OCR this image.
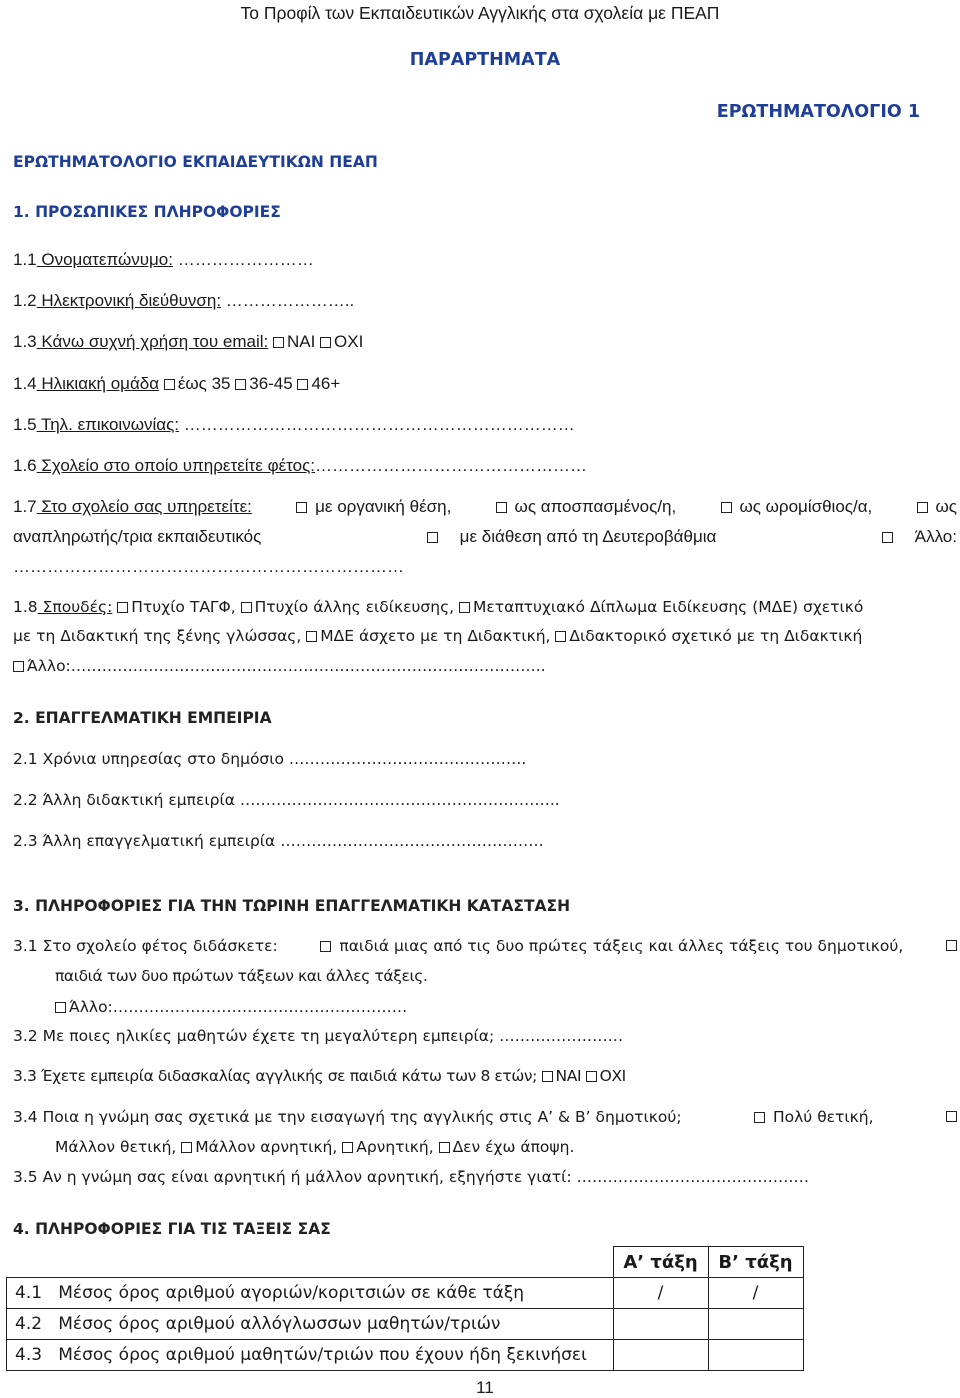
Το Προφίλ των Εκπαιδευτικών Αγγλικής στα σχολεία με ΠΕΑΠ
ΠΑΡΑΡΤΗΜΑΤΑ
ΕΡΩΤΗΜΑΤΟΛΟΓΙΟ 1
ΕΡΩΤΗΜΑΤΟΛΟΓΙΟ ΕΚΠΑΙΔΕΥΤΙΚΩΝ ΠΕΑΠ
1. ΠΡΟΣΩΠΙΚΕΣ ΠΛΗΡΟΦΟΡΙΕΣ
1.1 Ονοματεπώνυμο: ……………………
1.2 Ηλεκτρονική διεύθυνση: …………………..
1.3 Κάνω συχνή χρήση του email: ΝΑΙ ΟΧΙ
1.4 Ηλικιακή ομάδα έως 35 36-45 46+
1.5 Τηλ. επικοινωνίας: ……………………………………………………………
1.6 Σχολείο στο οποίο υπηρετείτε φέτος:…………………………………………
1.7 Στο σχολείο σας υπηρετείτε:	με οργανική θέση,	ως αποσπασμένος/η,	ως ωρομίσθιος/α,	ως
αναπληρωτής/τρια εκπαιδευτικός	με διάθεση από τη Δευτεροβάθμια	Άλλο:
……………………………………………………………
1.8 Σπουδές: Πτυχίο ΤΑΓΦ, Πτυχίο άλλης ειδίκευσης, Μεταπτυχιακό Δίπλωμα Ειδίκευσης (ΜΔΕ) σχετικό
με τη Διδακτική της ξένης γλώσσας, ΜΔΕ άσχετο με τη Διδακτική, Διδακτορικό σχετικό με τη Διδακτική
Άλλο:………………………………………………………………………………..
2. ΕΠΑΓΓΕΛΜΑΤΙΚΗ ΕΜΠΕΙΡΙΑ
2.1 Χρόνια υπηρεσίας στο δημόσιο ……………………………………….
2.2 Άλλη διδακτική εμπειρία ……………………………………………………..
2.3 Άλλη επαγγελματική εμπειρία ……………………………………………
3. ΠΛΗΡΟΦΟΡΙΕΣ ΓΙΑ ΤΗΝ ΤΩΡΙΝΗ ΕΠΑΓΓΕΛΜΑΤΙΚΗ ΚΑΤΑΣΤΑΣΗ
3.1 Στο σχολείο φέτος διδάσκετε:	παιδιά μιας από τις δυο πρώτες τάξεις και άλλες τάξεις του δημοτικού,
παιδιά των δυο πρώτων τάξεων και άλλες τάξεις.
Άλλο:…………………………………………………
3.2 Με ποιες ηλικίες μαθητών έχετε τη μεγαλύτερη εμπειρία; ……………………
3.3 Έχετε εμπειρία διδασκαλίας αγγλικής σε παιδιά κάτω των 8 ετών; ΝΑΙ ΟΧΙ
3.4 Ποια η γνώμη σας σχετικά με την εισαγωγή της αγγλικής στις Α’ & Β’ δημοτικού;	Πολύ θετική,
Μάλλον θετική, Μάλλον αρνητική, Αρνητική, Δεν έχω άποψη.
3.5 Αν η γνώμη σας είναι αρνητική ή μάλλον αρνητική, εξηγήστε γιατί: ………………………………………
4. ΠΛΗΡΟΦΟΡΙΕΣ ΓΙΑ ΤΙΣ ΤΑΞΕΙΣ ΣΑΣ
	Α’ τάξη	Β’ τάξη
4.1 Μέσος όρος αριθμού αγοριών/κοριτσιών σε κάθε τάξη	/	/
4.2 Μέσος όρος αριθμού αλλόγλωσσων μαθητών/τριών		
4.3 Μέσος όρος αριθμού μαθητών/τριών που έχουν ήδη ξεκινήσει		
11
